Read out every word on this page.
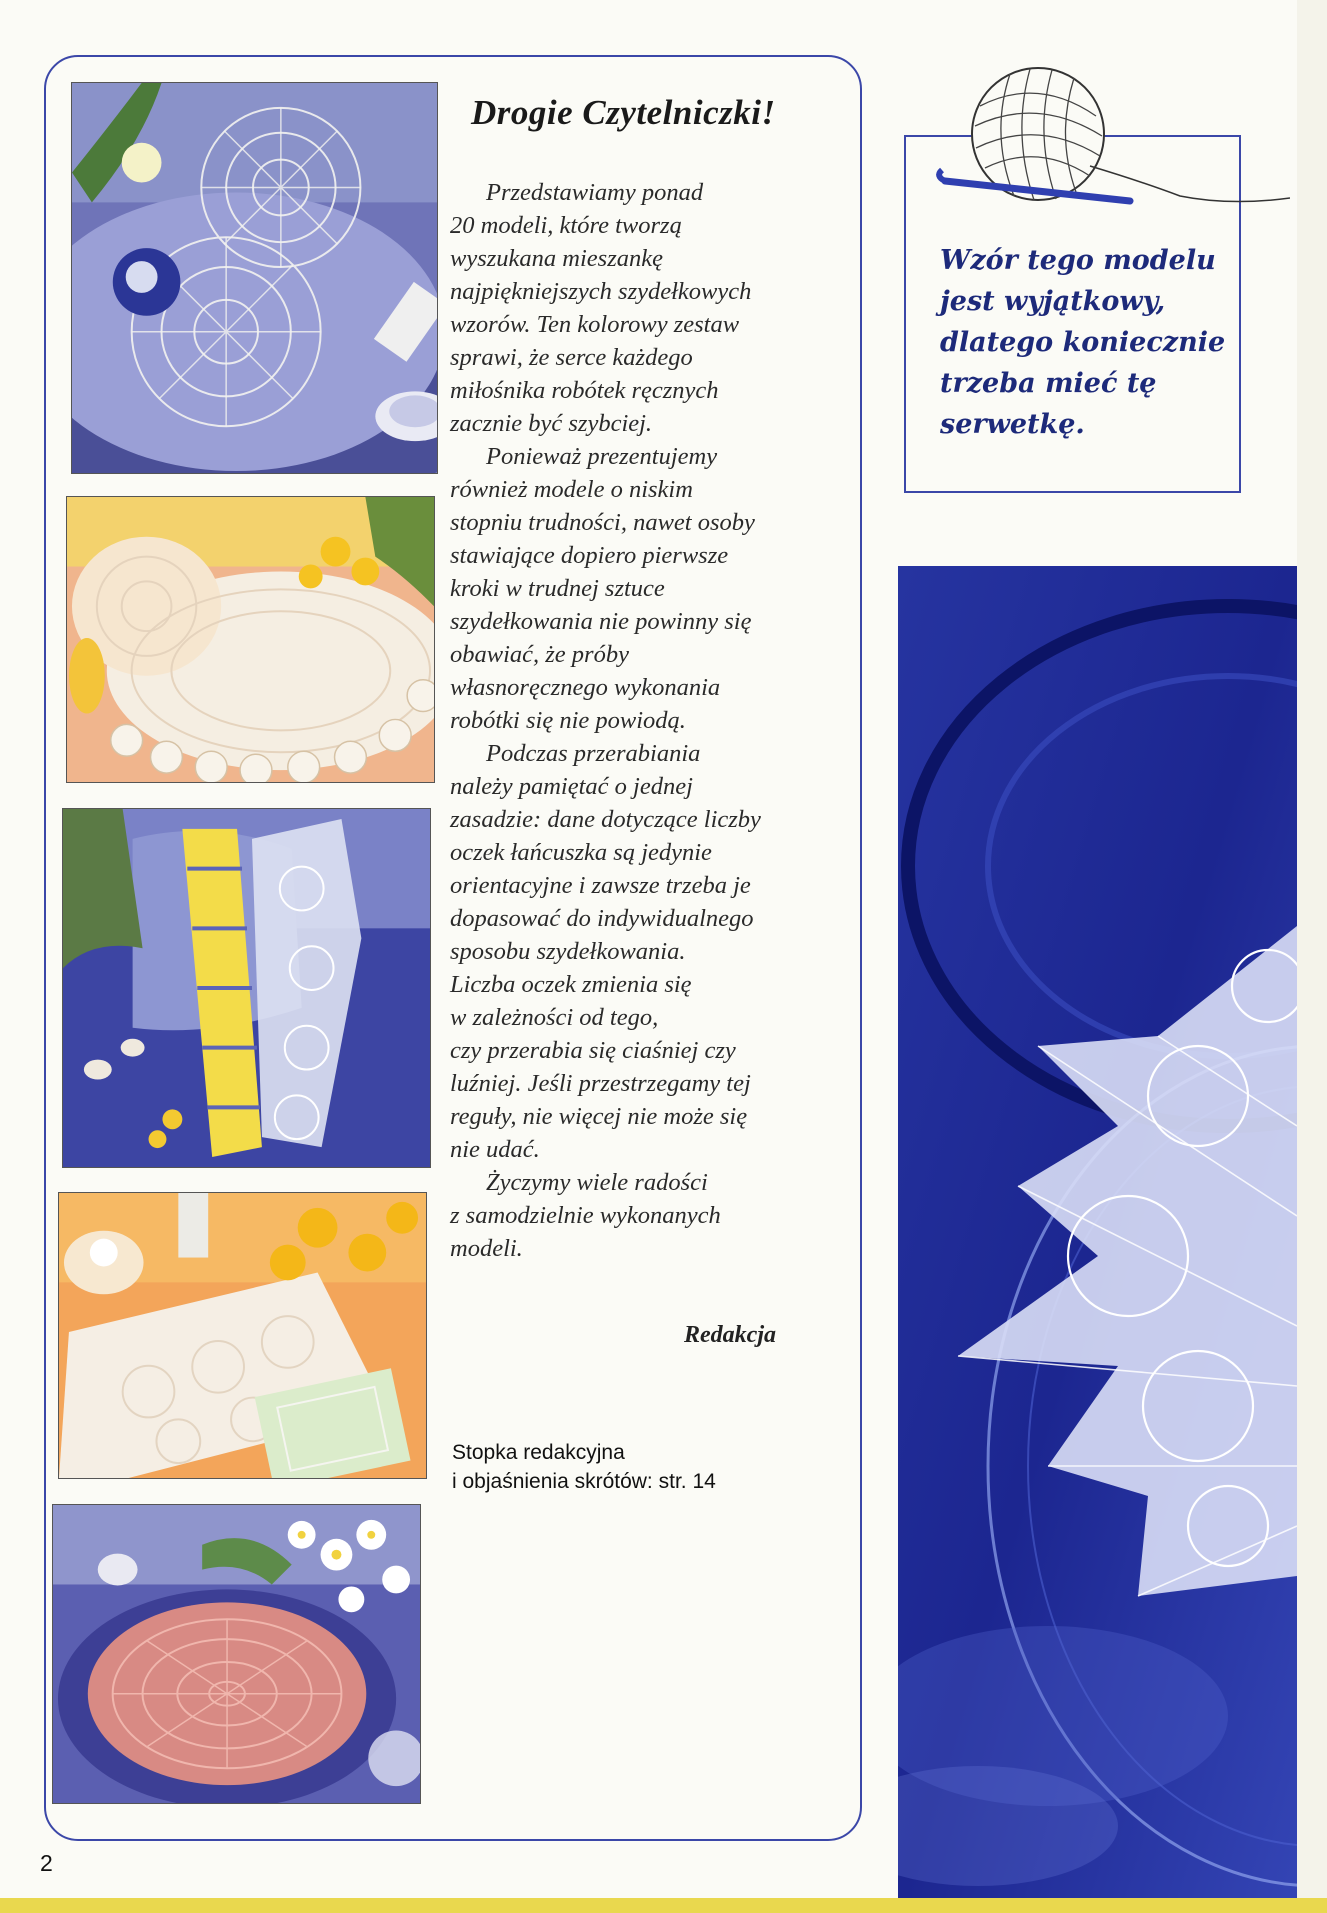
Drogie Czytelniczki!
Przedstawiamy ponad
20 modeli, które tworzą
wyszukana mieszankę
najpiękniejszych szydełkowych
wzorów. Ten kolorowy zestaw
sprawi, że serce każdego
miłośnika robótek ręcznych
zacznie być szybciej.
Ponieważ prezentujemy
również modele o niskim
stopniu trudności, nawet osoby
stawiające dopiero pierwsze
kroki w trudnej sztuce
szydełkowania nie powinny się
obawiać, że próby
własnoręcznego wykonania
robótki się nie powiodą.
Podczas przerabiania
należy pamiętać o jednej
zasadzie: dane dotyczące liczby
oczek łańcuszka są jedynie
orientacyjne i zawsze trzeba je
dopasować do indywidualnego
sposobu szydełkowania.
Liczba oczek zmienia się
w zależności od tego,
czy przerabia się ciaśniej czy
luźniej. Jeśli przestrzegamy tej
reguły, nie więcej nie może się
nie udać.
Życzymy wiele radości
z samodzielnie wykonanych
modeli.
Redakcja
Stopka redakcyjna
i objaśnienia skrótów: str. 14
2
Wzór tego modelu
jest wyjątkowy,
dlatego koniecznie
trzeba mieć tę
serwetkę.
